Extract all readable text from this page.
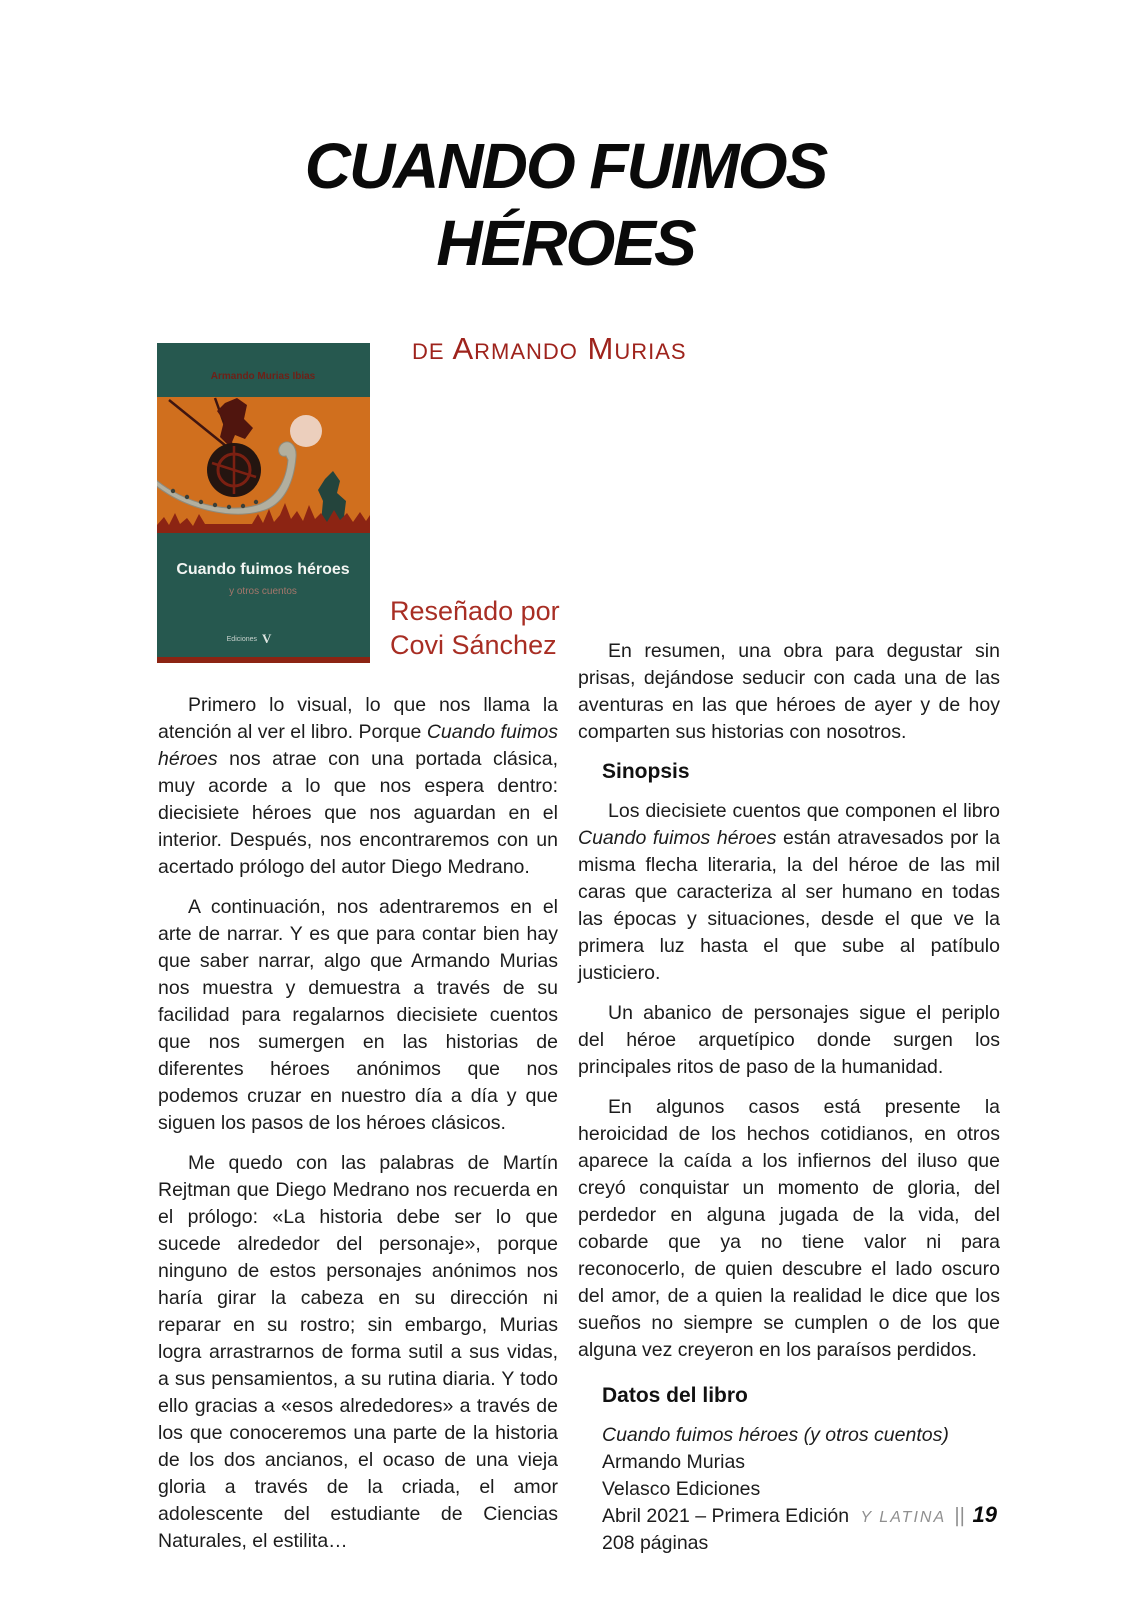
CUANDO FUIMOS
HÉROES
de Armando Murias
Armando Murias Ibias
Cuando fuimos héroes
y otros cuentos
Ediciones V
Reseñado por
Covi Sánchez

Primero lo visual, lo que nos llama la atención al ver el libro. Porque Cuando fuimos héroes nos atrae con una portada clásica, muy acorde a lo que nos espera dentro: diecisiete héroes que nos aguardan en el interior. Después, nos encontraremos con un acertado prólogo del autor Diego Medrano.

A continuación, nos adentraremos en el arte de narrar. Y es que para contar bien hay que saber narrar, algo que Armando Murias nos muestra y demuestra a través de su facilidad para regalarnos diecisiete cuentos que nos sumergen en las historias de diferentes héroes anónimos que nos podemos cruzar en nuestro día a día y que siguen los pasos de los héroes clásicos.

Me quedo con las palabras de Martín Rejtman que Diego Medrano nos recuerda en el prólogo: «La historia debe ser lo que sucede alrededor del personaje», porque ninguno de estos personajes anónimos nos haría girar la cabeza en su dirección ni reparar en su rostro; sin embargo, Murias logra arrastrarnos de forma sutil a sus vidas, a sus pensamientos, a su rutina diaria. Y todo ello gracias a «esos alrededores» a través de los que conoceremos una parte de la historia de los dos ancianos, el ocaso de una vieja gloria a través de la criada, el amor adolescente del estudiante de Ciencias Naturales, el estilita…

En resumen, una obra para degustar sin prisas, dejándose seducir con cada una de las aventuras en las que héroes de ayer y de hoy comparten sus historias con nosotros.

Sinopsis

Los diecisiete cuentos que componen el libro Cuando fuimos héroes están atravesados por la misma flecha literaria, la del héroe de las mil caras que caracteriza al ser humano en todas las épocas y situaciones, desde el que ve la primera luz hasta el que sube al patíbulo justiciero.

Un abanico de personajes sigue el periplo del héroe arquetípico donde surgen los principales ritos de paso de la humanidad.

En algunos casos está presente la heroicidad de los hechos cotidianos, en otros aparece la caída a los infiernos del iluso que creyó conquistar un momento de gloria, del perdedor en alguna jugada de la vida, del cobarde que ya no tiene valor ni para reconocerlo, de quien descubre el lado oscuro del amor, de a quien la realidad le dice que los sueños no siempre se cumplen o de los que alguna vez creyeron en los paraísos perdidos.

Datos del libro

Cuando fuimos héroes (y otros cuentos)

Armando Murias

Velasco Ediciones

Abril 2021 – Primera Edición

208 páginas

Y LATINA || 19
